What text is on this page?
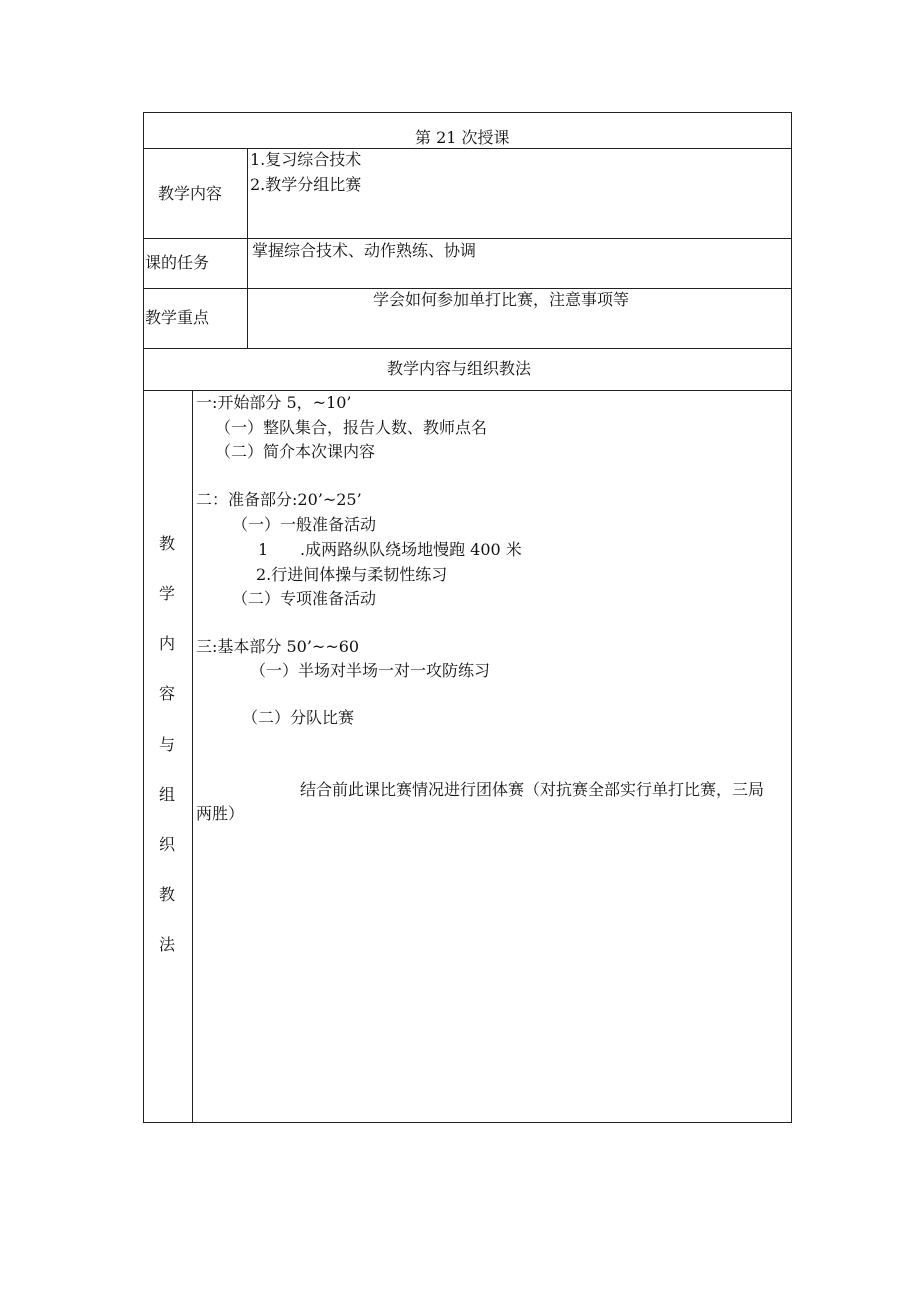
第 21 次授课
教学内容
1.复习综合技术
2.教学分组比赛
课的任务
掌握综合技术、动作熟练、协调
教学重点
学会如何参加单打比赛，注意事项等
教学内容与组织教法
教
学
内
容
与
组
织
教
法
一:开始部分 5，~10’
（一）整队集合，报告人数、教师点名
（二）简介本次课内容
二：准备部分:20’~25’
（一）一般准备活动
1 .成两路纵队绕场地慢跑 400 米
2.行进间体操与柔韧性练习
（二）专项准备活动
三:基本部分 50’~~60
（一）半场对半场一对一攻防练习
（二）分队比赛
结合前此课比赛情况进行团体赛（对抗赛全部实行单打比赛，三局两胜）
